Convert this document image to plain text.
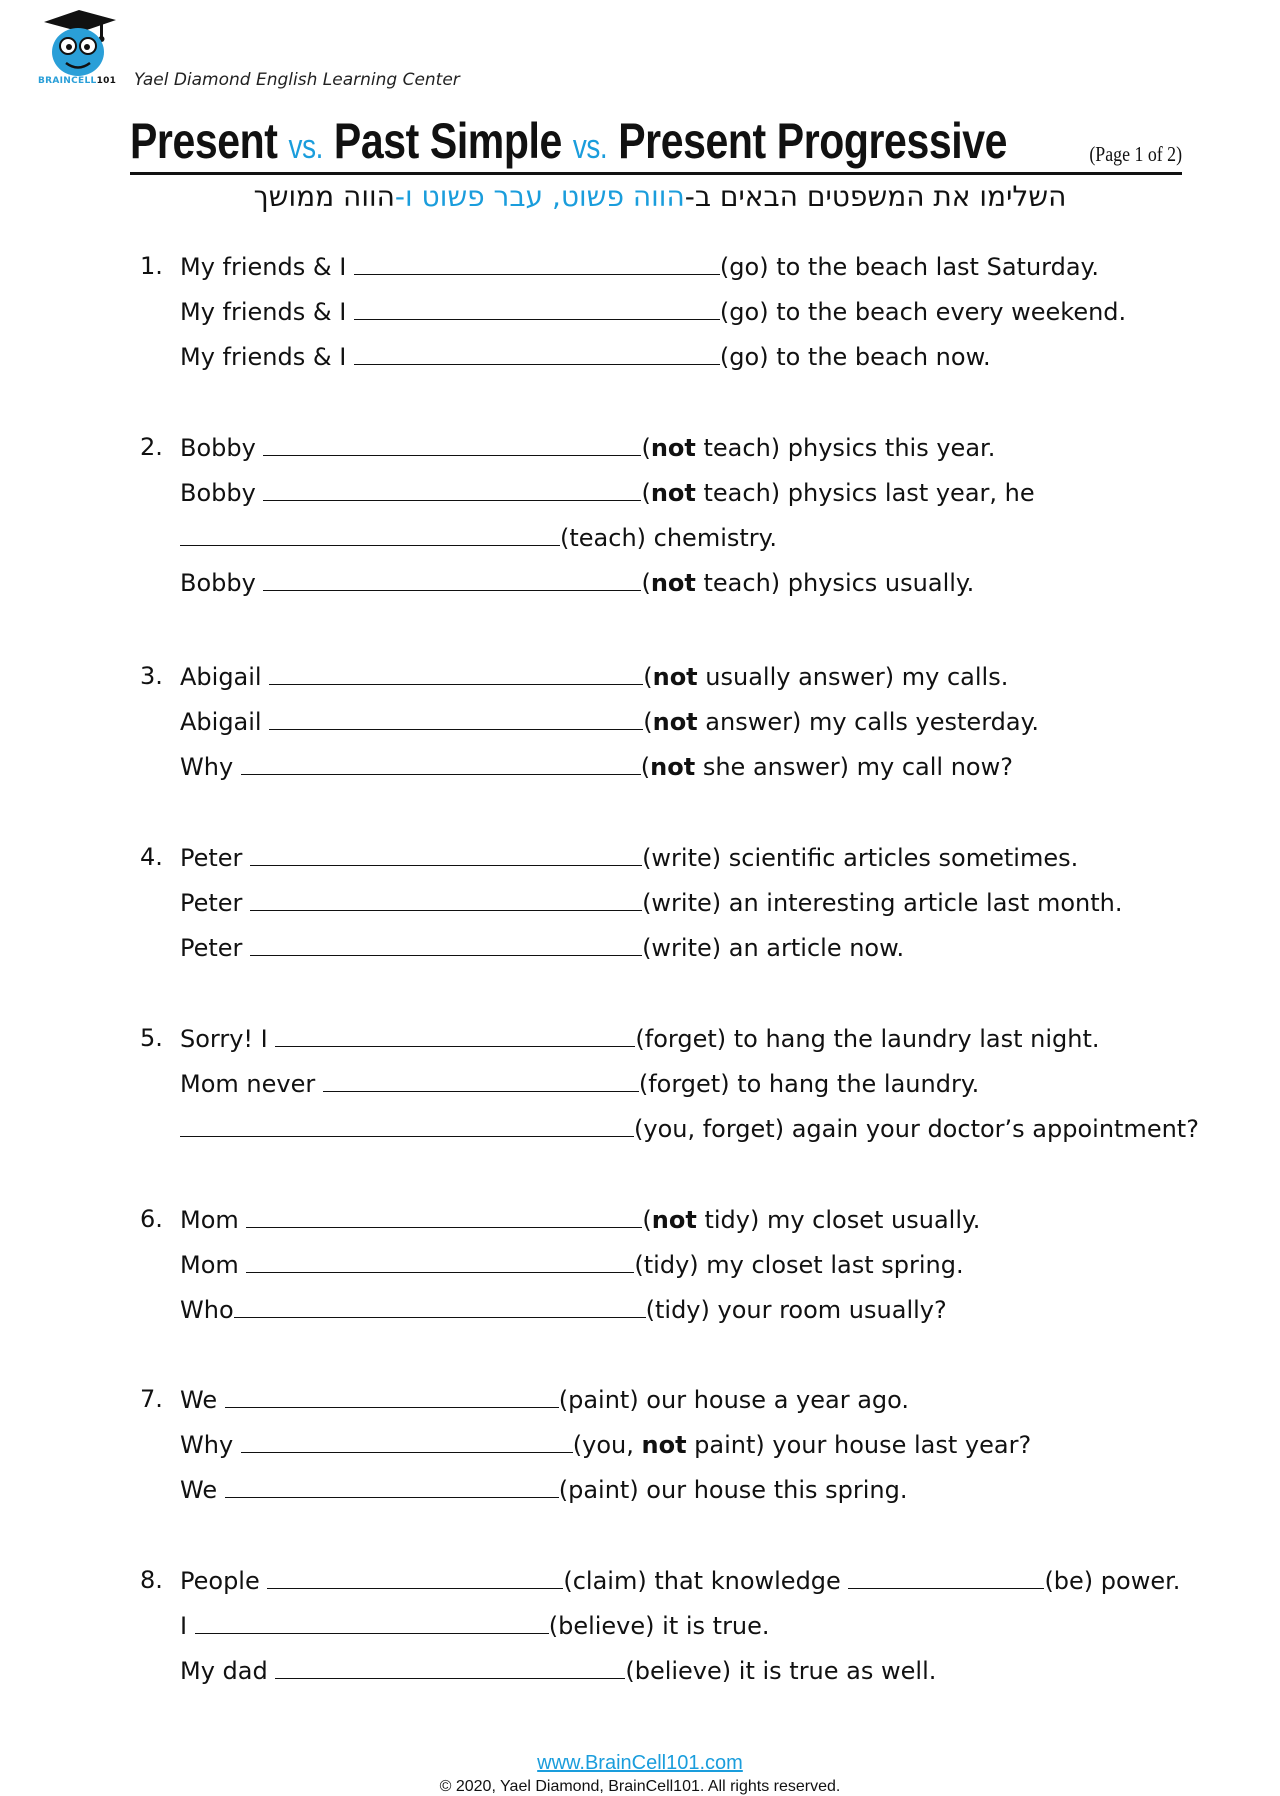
BRAINCELL101 Yael Diamond English Learning Center
Present vs. Past Simple vs. Present Progressive	(Page 1 of 2)
השלימו את המשפטים הבאים ב-הווה פשוט, עבר פשוט ו-הווה ממושך
1. My friends & I	(go) to the beach last Saturday.
My friends & I	(go) to the beach every weekend.
My friends & I	(go) to the beach now.
2. Bobby	(not teach) physics this year.
Bobby	(not teach) physics last year, he
(teach) chemistry.
Bobby	(not teach) physics usually.
3. Abigail	(not usually answer) my calls.
Abigail	(not answer) my calls yesterday.
Why	(not she answer) my call now?
4. Peter	(write) scientific articles sometimes.
Peter	(write) an interesting article last month.
Peter	(write) an article now.
5. Sorry! I	(forget) to hang the laundry last night.
Mom never	(forget) to hang the laundry.
(you, forget) again your doctor’s appointment?
6. Mom	(not tidy) my closet usually.
Mom	(tidy) my closet last spring.
Who	(tidy) your room usually?
7. We	(paint) our house a year ago.
Why	(you, not paint) your house last year?
We	(paint) our house this spring.
8. People	(claim) that knowledge	(be) power.
I	(believe) it is true.
My dad	(believe) it is true as well.
www.BrainCell101.com
© 2020, Yael Diamond, BrainCell101. All rights reserved.
